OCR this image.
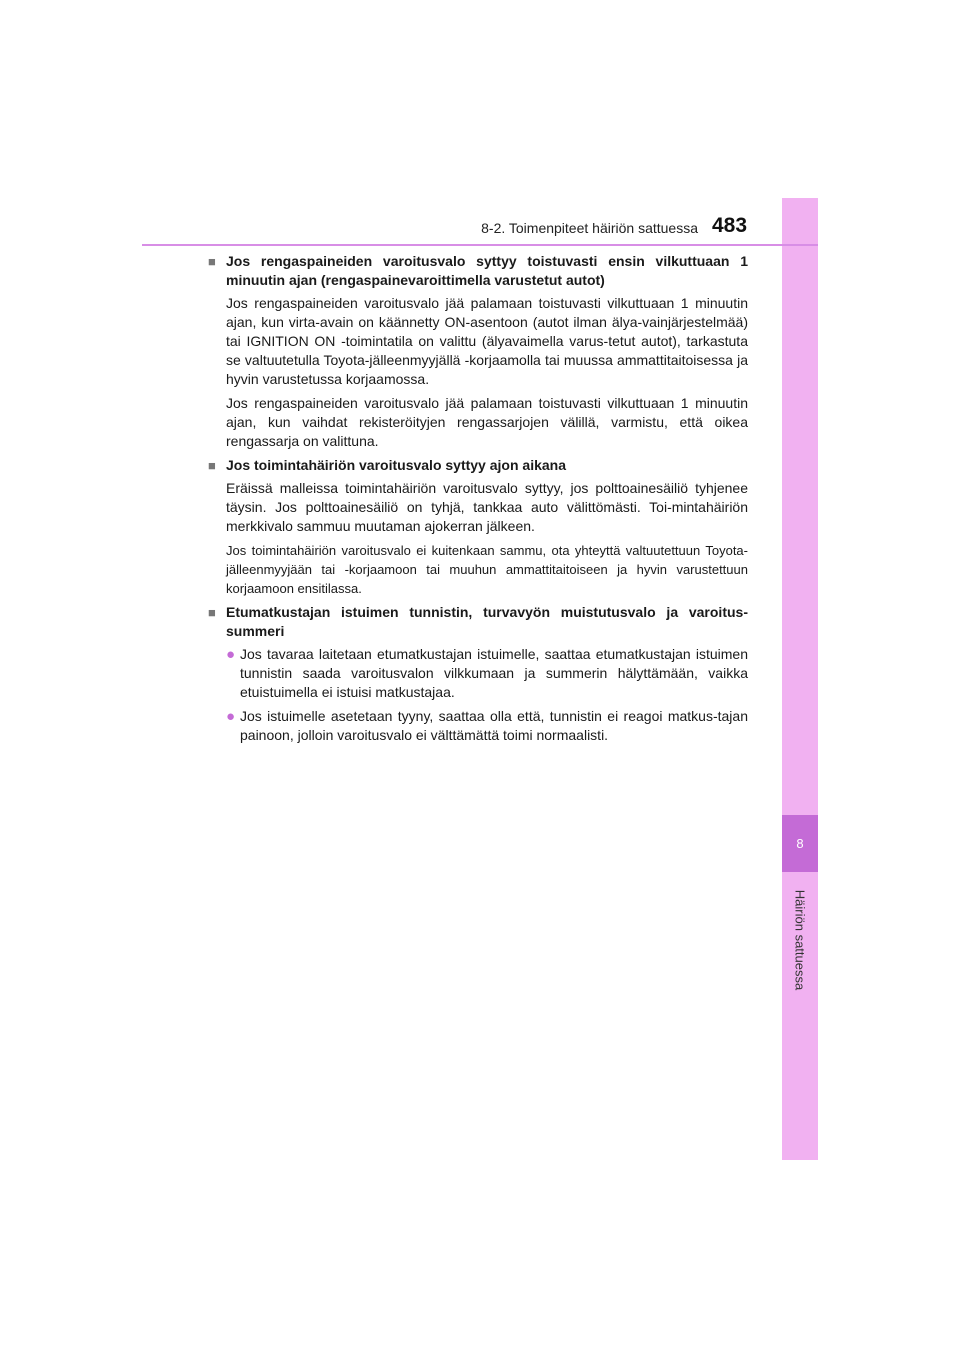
8
Häiriön sattuessa
8-2. Toimenpiteet häiriön sattuessa 483
■ Jos rengaspaineiden varoitusvalo syttyy toistuvasti ensin vilkuttuaan 1 minuutin ajan (rengaspainevaroittimella varustetut autot)
Jos rengaspaineiden varoitusvalo jää palamaan toistuvasti vilkuttuaan 1 minuutin ajan, kun virta-avain on käännetty ON-asentoon (autot ilman älya-vainjärjestelmää) tai IGNITION ON -toimintatila on valittu (älyavaimella varus-tetut autot), tarkastuta se valtuutetulla Toyota-jälleenmyyjällä -korjaamolla tai muussa ammattitaitoisessa ja hyvin varustetussa korjaamossa.
Jos rengaspaineiden varoitusvalo jää palamaan toistuvasti vilkuttuaan 1 minuutin ajan, kun vaihdat rekisteröityjen rengassarjojen välillä, varmistu, että oikea rengassarja on valittuna.
■ Jos toimintahäiriön varoitusvalo syttyy ajon aikana
Eräissä malleissa toimintahäiriön varoitusvalo syttyy, jos polttoainesäiliö tyhjenee täysin. Jos polttoainesäiliö on tyhjä, tankkaa auto välittömästi. Toi-mintahäiriön merkkivalo sammuu muutaman ajokerran jälkeen.
Jos toimintahäiriön varoitusvalo ei kuitenkaan sammu, ota yhteyttä valtuutettuun Toyota-jälleenmyyjään tai -korjaamoon tai muuhun ammattitaitoiseen ja hyvin varustettuun korjaamoon ensitilassa.
■ Etumatkustajan istuimen tunnistin, turvavyön muistutusvalo ja varoitus-summeri
● Jos tavaraa laitetaan etumatkustajan istuimelle, saattaa etumatkustajan istuimen tunnistin saada varoitusvalon vilkkumaan ja summerin hälyttämään, vaikka etuistuimella ei istuisi matkustajaa.
● Jos istuimelle asetetaan tyyny, saattaa olla että, tunnistin ei reagoi matkus-tajan painoon, jolloin varoitusvalo ei välttämättä toimi normaalisti.
